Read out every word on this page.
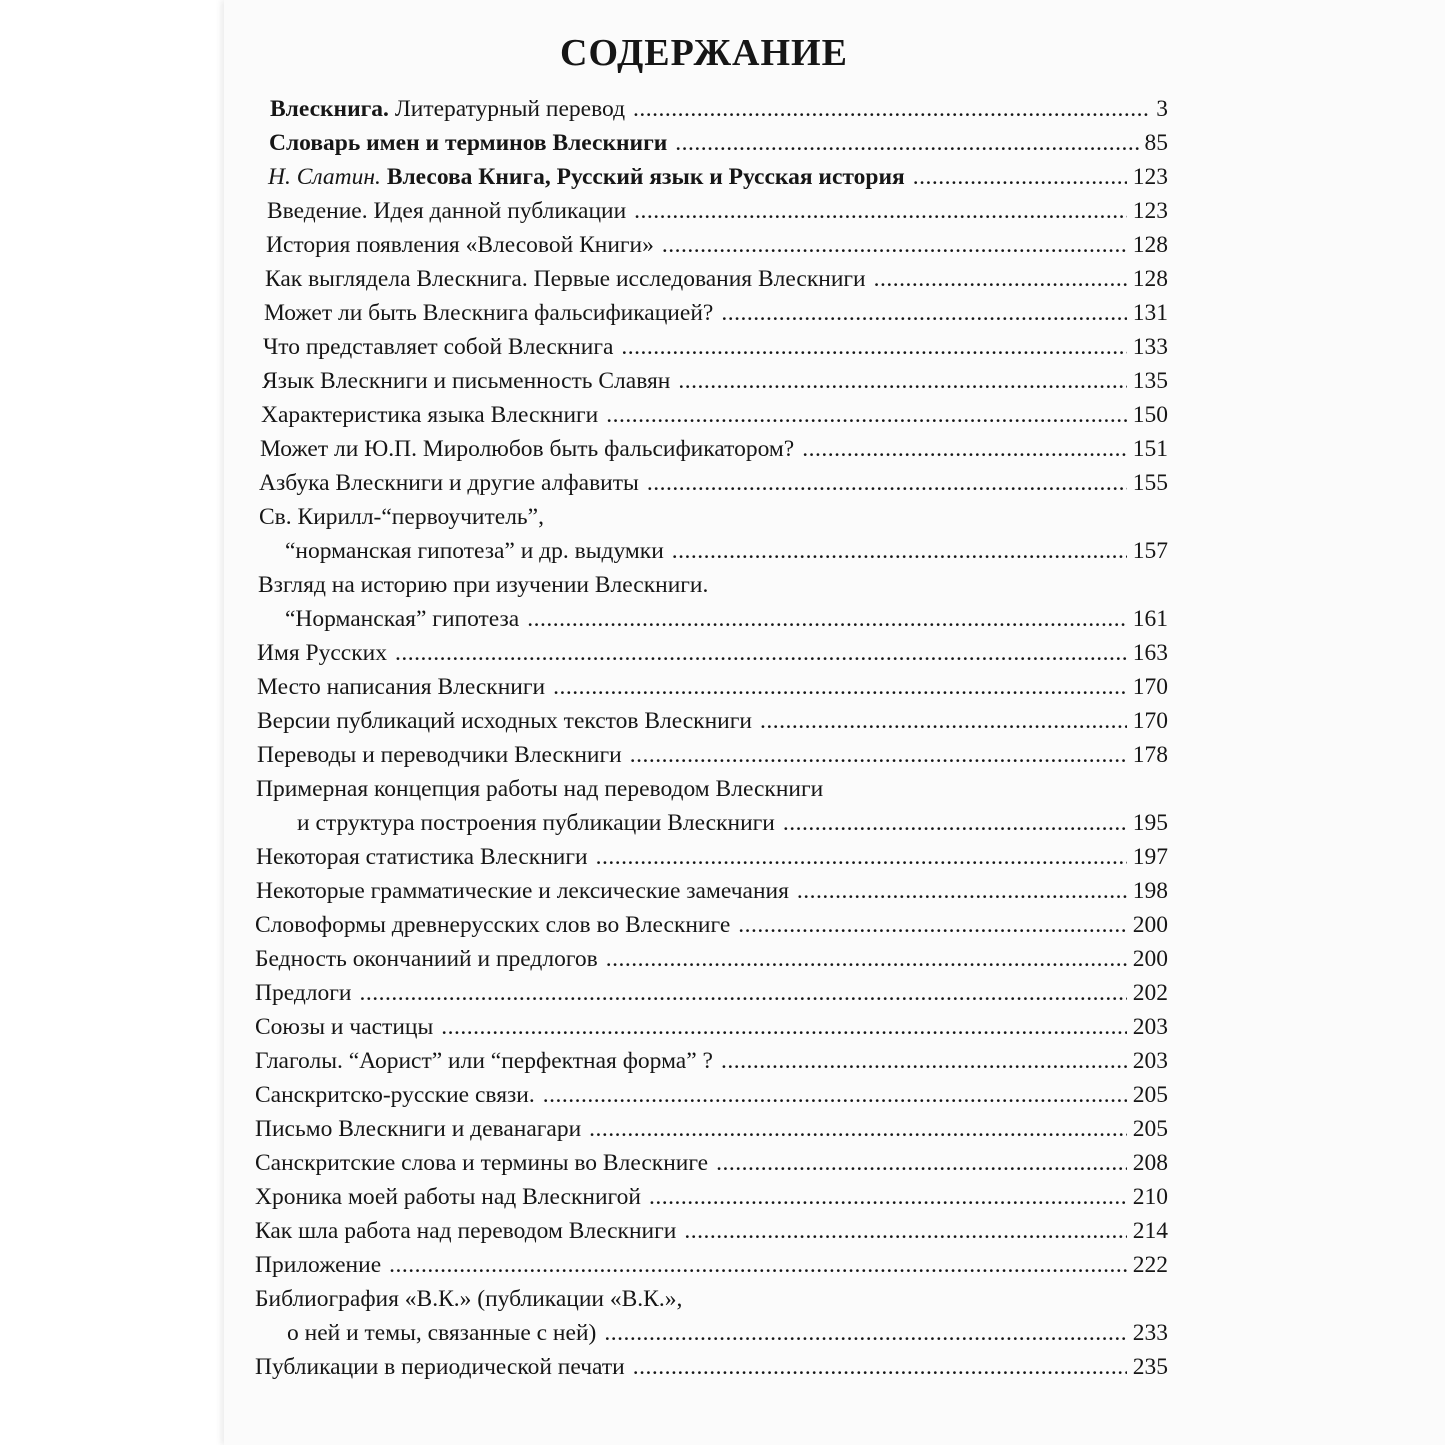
СОДЕРЖАНИЕ
Влескнига. Литературный перевод .....	3
Словарь имен и терминов Влескниги .....	85
Н. Слатин. Влесова Книга, Русский язык и Русская история .....	123
Введение. Идея данной публикации .....	123
История появления «Влесовой Книги» .....	128
Как выглядела Влескнига. Первые исследования Влескниги .....	128
Может ли быть Влескнига фальсификацией? .....	131
Что представляет собой Влескнига .....	133
Язык Влескниги и письменность Славян .....	135
Характеристика языка Влескниги .....	150
Может ли Ю.П. Миролюбов быть фальсификатором? .....	151
Азбука Влескниги и другие алфавиты .....	155
Св. Кирилл-“первоучитель”,
“норманская гипотеза” и др. выдумки .....	157
Взгляд на историю при изучении Влескниги.
“Норманская” гипотеза .....	161
Имя Русских .....	163
Место написания Влескниги .....	170
Версии публикаций исходных текстов Влескниги .....	170
Переводы и переводчики Влескниги .....	178
Примерная концепция работы над переводом Влескниги
и структура построения публикации Влескниги .....	195
Некоторая статистика Влескниги .....	197
Некоторые грамматические и лексические замечания .....	198
Словоформы древнерусских слов во Влескниге .....	200
Бедность окончаниий и предлогов .....	200
Предлоги .....	202
Союзы и частицы .....	203
Глаголы. “Аорист” или “перфектная форма” ? .....	203
Санскритско-русские связи. .....	205
Письмо Влескниги и деванагари .....	205
Санскритские слова и термины во Влескниге .....	208
Хроника моей работы над Влескнигой .....	210
Как шла работа над переводом Влескниги .....	214
Приложение .....	222
Библиография «В.К.» (публикации «В.К.»,
о ней и темы, связанные с ней) .....	233
Публикации в периодической печати .....	235
